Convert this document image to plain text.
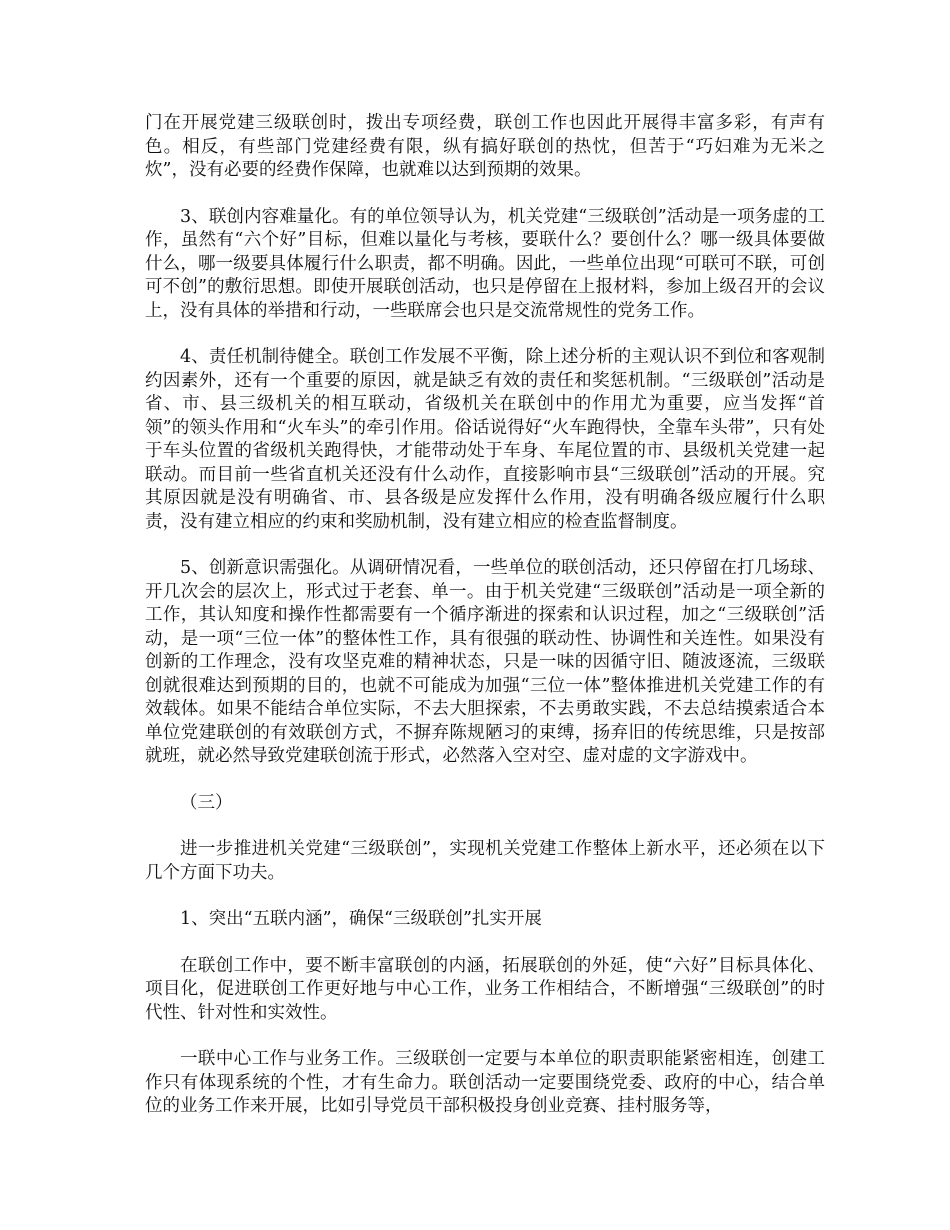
门在开展党建三级联创时，拨出专项经费，联创工作也因此开展得丰富多彩，有声有色。相反，有些部门党建经费有限，纵有搞好联创的热忱，但苦于“巧妇难为无米之炊”，没有必要的经费作保障，也就难以达到预期的效果。

3、联创内容难量化。有的单位领导认为，机关党建“三级联创”活动是一项务虚的工作，虽然有“六个好”目标，但难以量化与考核，要联什么？要创什么？哪一级具体要做什么，哪一级要具体履行什么职责，都不明确。因此，一些单位出现“可联可不联，可创可不创”的敷衍思想。即使开展联创活动，也只是停留在上报材料，参加上级召开的会议上，没有具体的举措和行动，一些联席会也只是交流常规性的党务工作。

4、责任机制待健全。联创工作发展不平衡，除上述分析的主观认识不到位和客观制约因素外，还有一个重要的原因，就是缺乏有效的责任和奖惩机制。“三级联创”活动是省、市、县三级机关的相互联动，省级机关在联创中的作用尤为重要，应当发挥“首领”的领头作用和“火车头”的牵引作用。俗话说得好“火车跑得快，全靠车头带”，只有处于车头位置的省级机关跑得快，才能带动处于车身、车尾位置的市、县级机关党建一起联动。而目前一些省直机关还没有什么动作，直接影响市县“三级联创”活动的开展。究其原因就是没有明确省、市、县各级是应发挥什么作用，没有明确各级应履行什么职责，没有建立相应的约束和奖励机制，没有建立相应的检查监督制度。

5、创新意识需强化。从调研情况看，一些单位的联创活动，还只停留在打几场球、开几次会的层次上，形式过于老套、单一。由于机关党建“三级联创”活动是一项全新的工作，其认知度和操作性都需要有一个循序渐进的探索和认识过程，加之“三级联创”活动，是一项“三位一体”的整体性工作，具有很强的联动性、协调性和关连性。如果没有创新的工作理念，没有攻坚克难的精神状态，只是一味的因循守旧、随波逐流，三级联创就很难达到预期的目的，也就不可能成为加强“三位一体”整体推进机关党建工作的有效载体。如果不能结合单位实际，不去大胆探索，不去勇敢实践，不去总结摸索适合本单位党建联创的有效联创方式，不摒弃陈规陋习的束缚，扬弃旧的传统思维，只是按部就班，就必然导致党建联创流于形式，必然落入空对空、虚对虚的文字游戏中。

（三）

进一步推进机关党建“三级联创”，实现机关党建工作整体上新水平，还必须在以下几个方面下功夫。

1、突出“五联内涵”，确保“三级联创”扎实开展

在联创工作中，要不断丰富联创的内涵，拓展联创的外延，使“六好”目标具体化、项目化，促进联创工作更好地与中心工作，业务工作相结合，不断增强“三级联创”的时代性、针对性和实效性。

一联中心工作与业务工作。三级联创一定要与本单位的职责职能紧密相连，创建工作只有体现系统的个性，才有生命力。联创活动一定要围绕党委、政府的中心，结合单位的业务工作来开展，比如引导党员干部积极投身创业竞赛、挂村服务等，
